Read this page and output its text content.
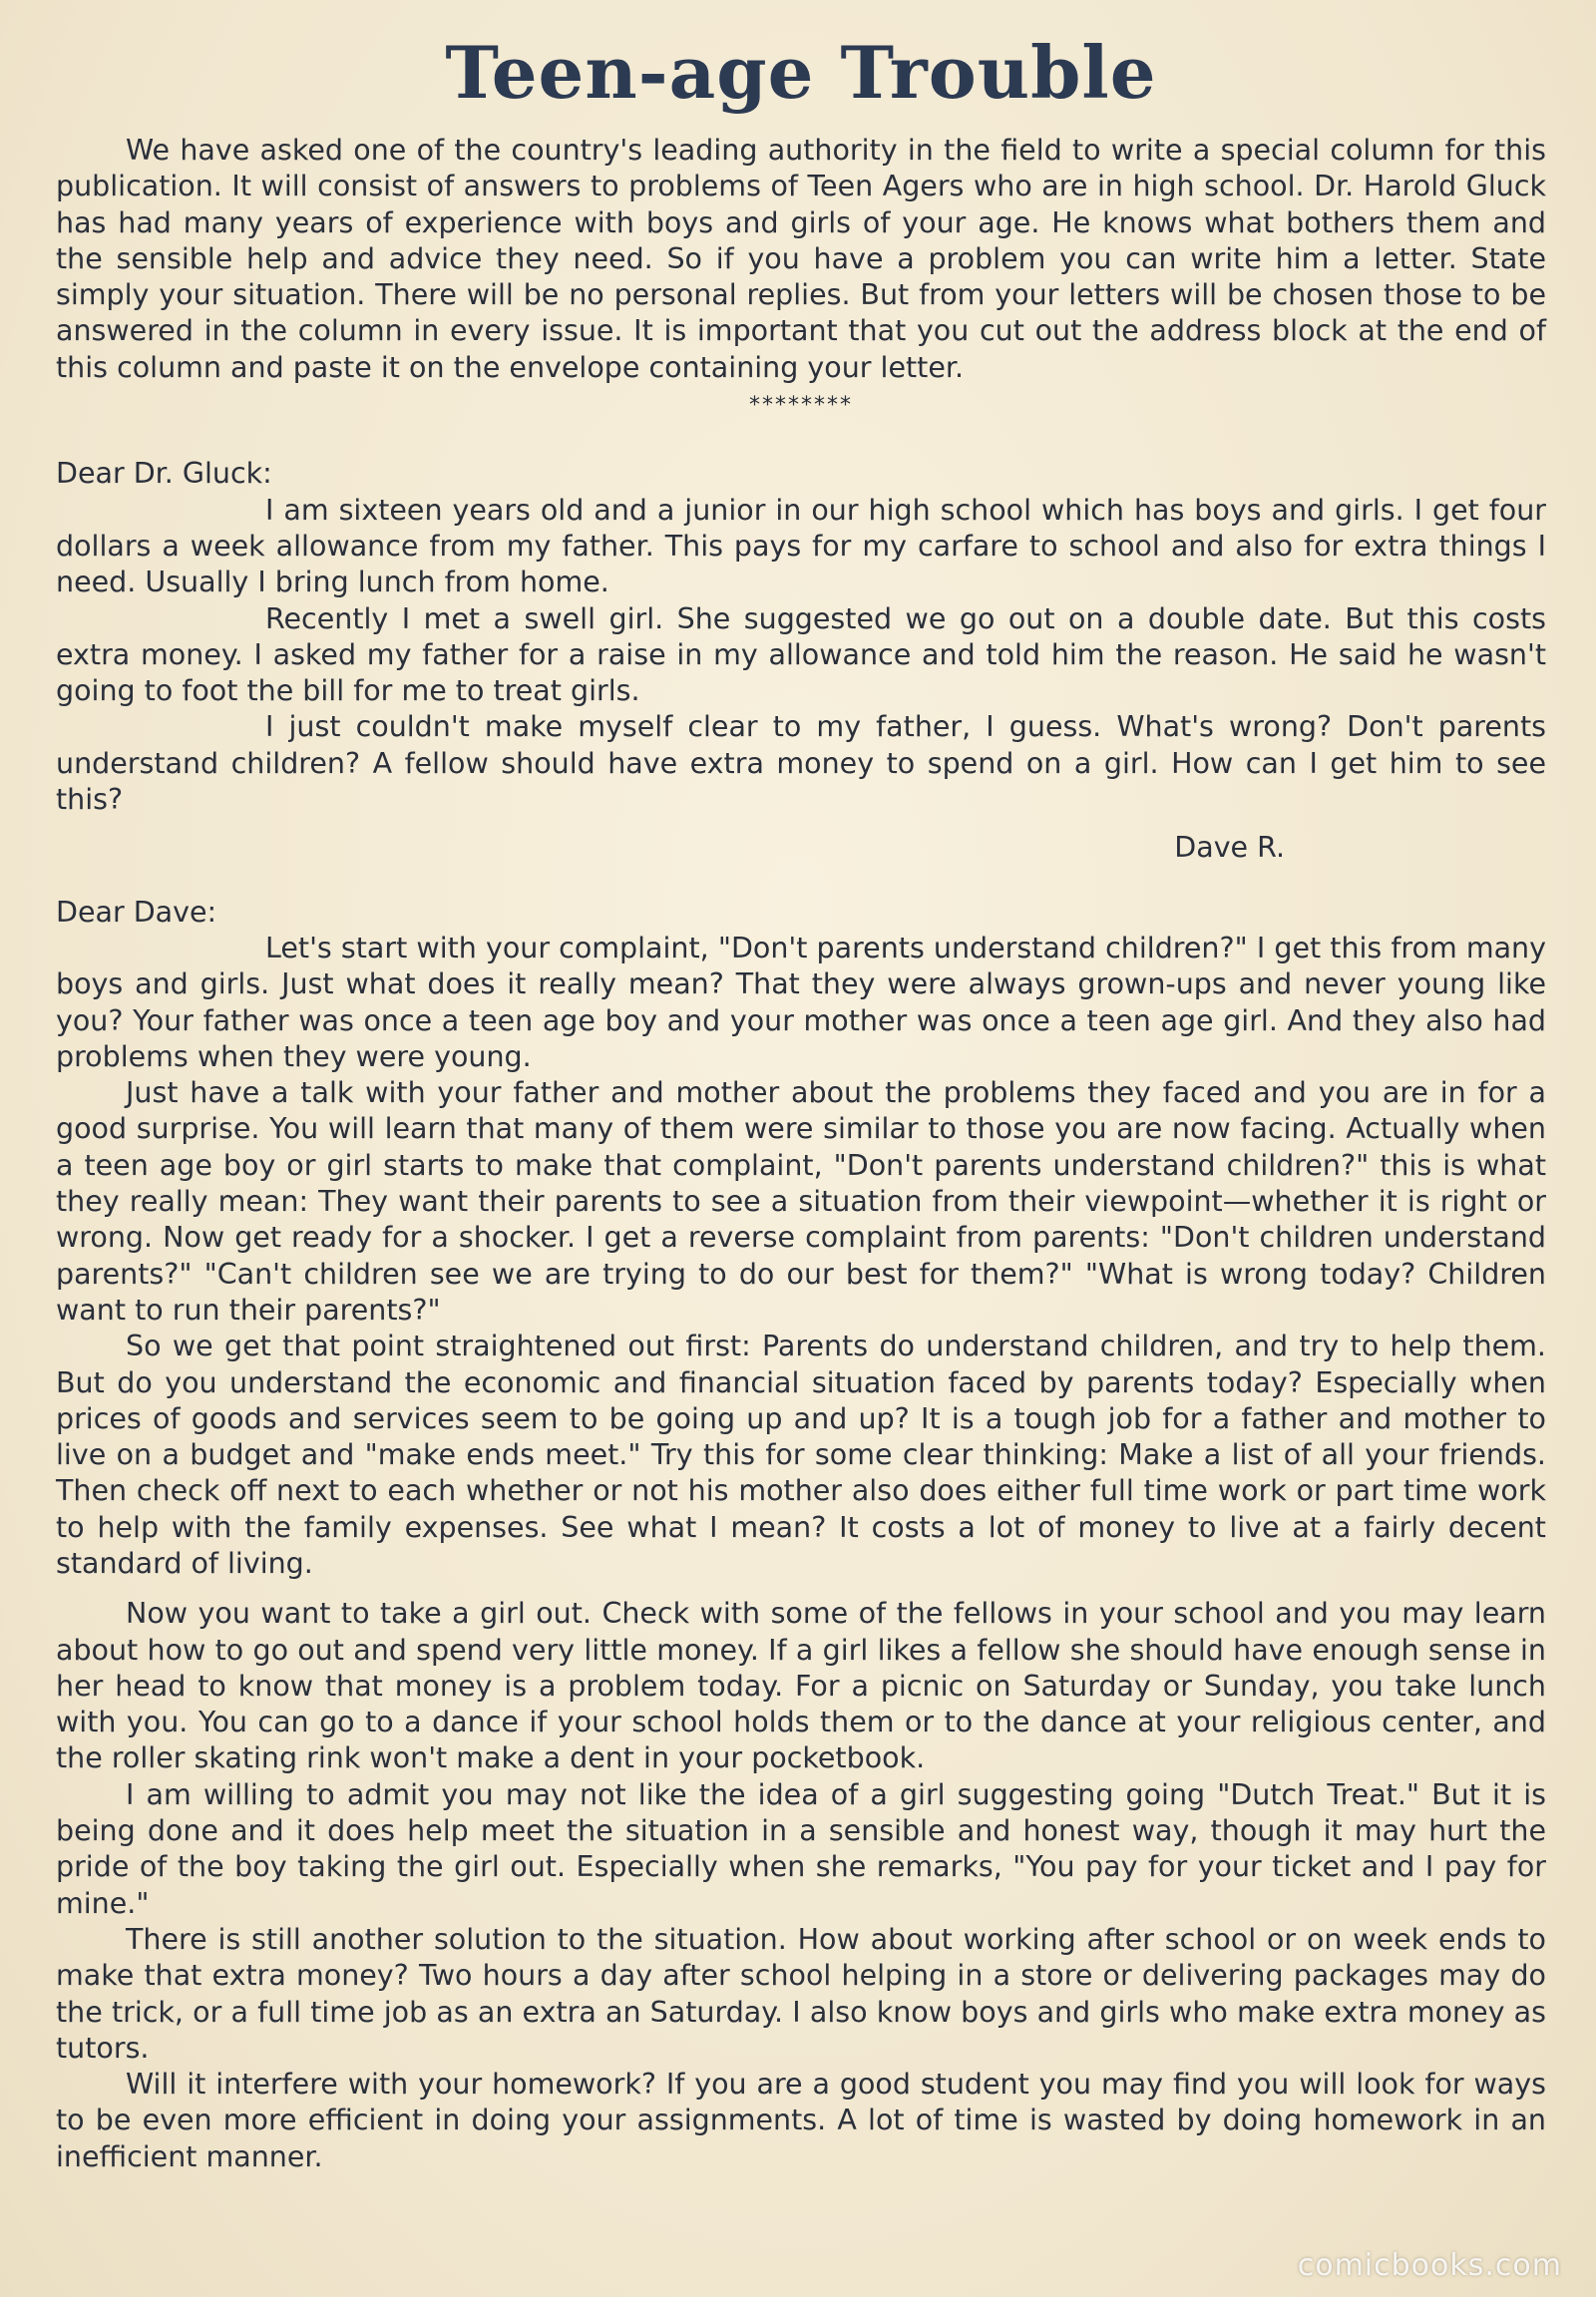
Teen-age Trouble

We have asked one of the country's leading authority in the field to write a special column for this publication. It will consist of answers to problems of Teen Agers who are in high school. Dr. Harold Gluck has had many years of experience with boys and girls of your age. He knows what bothers them and the sensible help and advice they need. So if you have a problem you can write him a letter. State simply your situation. There will be no personal replies. But from your letters will be chosen those to be answered in the column in every issue. It is important that you cut out the address block at the end of this column and paste it on the envelope containing your letter.

********

Dear Dr. Gluck:

I am sixteen years old and a junior in our high school which has boys and girls. I get four dollars a week allowance from my father. This pays for my carfare to school and also for extra things I need. Usually I bring lunch from home.

Recently I met a swell girl. She suggested we go out on a double date. But this costs extra money. I asked my father for a raise in my allowance and told him the reason. He said he wasn't going to foot the bill for me to treat girls.

I just couldn't make myself clear to my father, I guess. What's wrong? Don't parents understand children? A fellow should have extra money to spend on a girl. How can I get him to see this?

Dave R.

Dear Dave:

Let's start with your complaint, "Don't parents understand children?" I get this from many boys and girls. Just what does it really mean? That they were always grown-ups and never young like you? Your father was once a teen age boy and your mother was once a teen age girl. And they also had problems when they were young.

Just have a talk with your father and mother about the problems they faced and you are in for a good surprise. You will learn that many of them were similar to those you are now facing. Actually when a teen age boy or girl starts to make that complaint, "Don't parents understand children?" this is what they really mean: They want their parents to see a situation from their viewpoint—whether it is right or wrong. Now get ready for a shocker. I get a reverse complaint from parents: "Don't children understand parents?" "Can't children see we are trying to do our best for them?" "What is wrong today? Children want to run their parents?"

So we get that point straightened out first: Parents do understand children, and try to help them. But do you understand the economic and financial situation faced by parents today? Especially when prices of goods and services seem to be going up and up? It is a tough job for a father and mother to live on a budget and "make ends meet." Try this for some clear thinking: Make a list of all your friends. Then check off next to each whether or not his mother also does either full time work or part time work to help with the family expenses. See what I mean? It costs a lot of money to live at a fairly decent standard of living.

Now you want to take a girl out. Check with some of the fellows in your school and you may learn about how to go out and spend very little money. If a girl likes a fellow she should have enough sense in her head to know that money is a problem today. For a picnic on Saturday or Sunday, you take lunch with you. You can go to a dance if your school holds them or to the dance at your religious center, and the roller skating rink won't make a dent in your pocketbook.

I am willing to admit you may not like the idea of a girl suggesting going "Dutch Treat." But it is being done and it does help meet the situation in a sensible and honest way, though it may hurt the pride of the boy taking the girl out. Especially when she remarks, "You pay for your ticket and I pay for mine."

There is still another solution to the situation. How about working after school or on week ends to make that extra money? Two hours a day after school helping in a store or delivering packages may do the trick, or a full time job as an extra an Saturday. I also know boys and girls who make extra money as tutors.

Will it interfere with your homework? If you are a good student you may find you will look for ways to be even more efficient in doing your assignments. A lot of time is wasted by doing homework in an inefficient manner.

comicbooks.com
